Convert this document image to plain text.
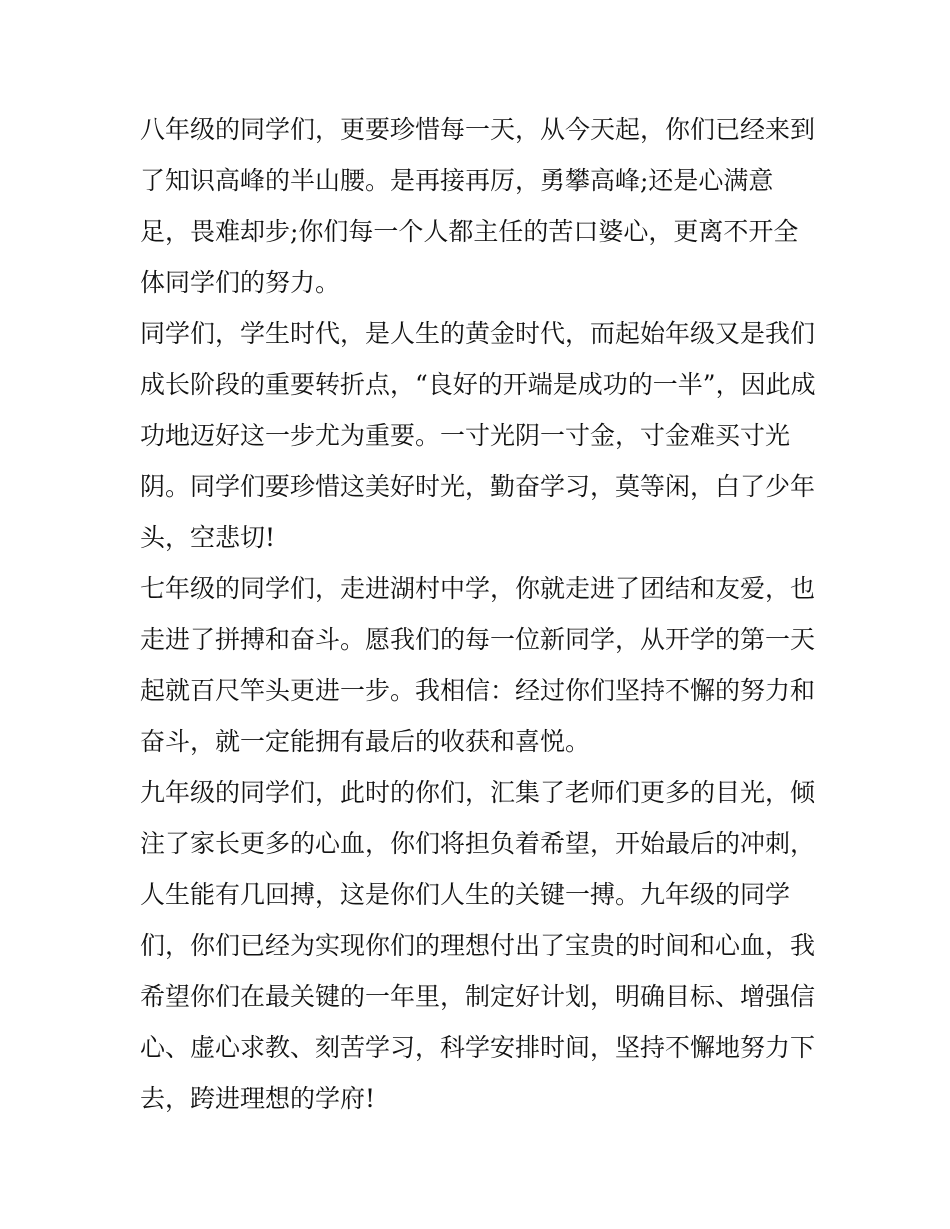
八年级的同学们，更要珍惜每一天，从今天起，你们已经来到
了知识高峰的半山腰。是再接再厉，勇攀高峰;还是心满意
足，畏难却步;你们每一个人都主任的苦口婆心，更离不开全
体同学们的努力。
同学们，学生时代，是人生的黄金时代，而起始年级又是我们
成长阶段的重要转折点，“良好的开端是成功的一半”，因此成
功地迈好这一步尤为重要。一寸光阴一寸金，寸金难买寸光
阴。同学们要珍惜这美好时光，勤奋学习，莫等闲，白了少年
头，空悲切!
七年级的同学们，走进湖村中学，你就走进了团结和友爱，也
走进了拼搏和奋斗。愿我们的每一位新同学，从开学的第一天
起就百尺竿头更进一步。我相信：经过你们坚持不懈的努力和
奋斗，就一定能拥有最后的收获和喜悦。
九年级的同学们，此时的你们，汇集了老师们更多的目光，倾
注了家长更多的心血，你们将担负着希望，开始最后的冲刺，
人生能有几回搏，这是你们人生的关键一搏。九年级的同学
们，你们已经为实现你们的理想付出了宝贵的时间和心血，我
希望你们在最关键的一年里，制定好计划，明确目标、增强信
心、虚心求教、刻苦学习，科学安排时间，坚持不懈地努力下
去，跨进理想的学府!
